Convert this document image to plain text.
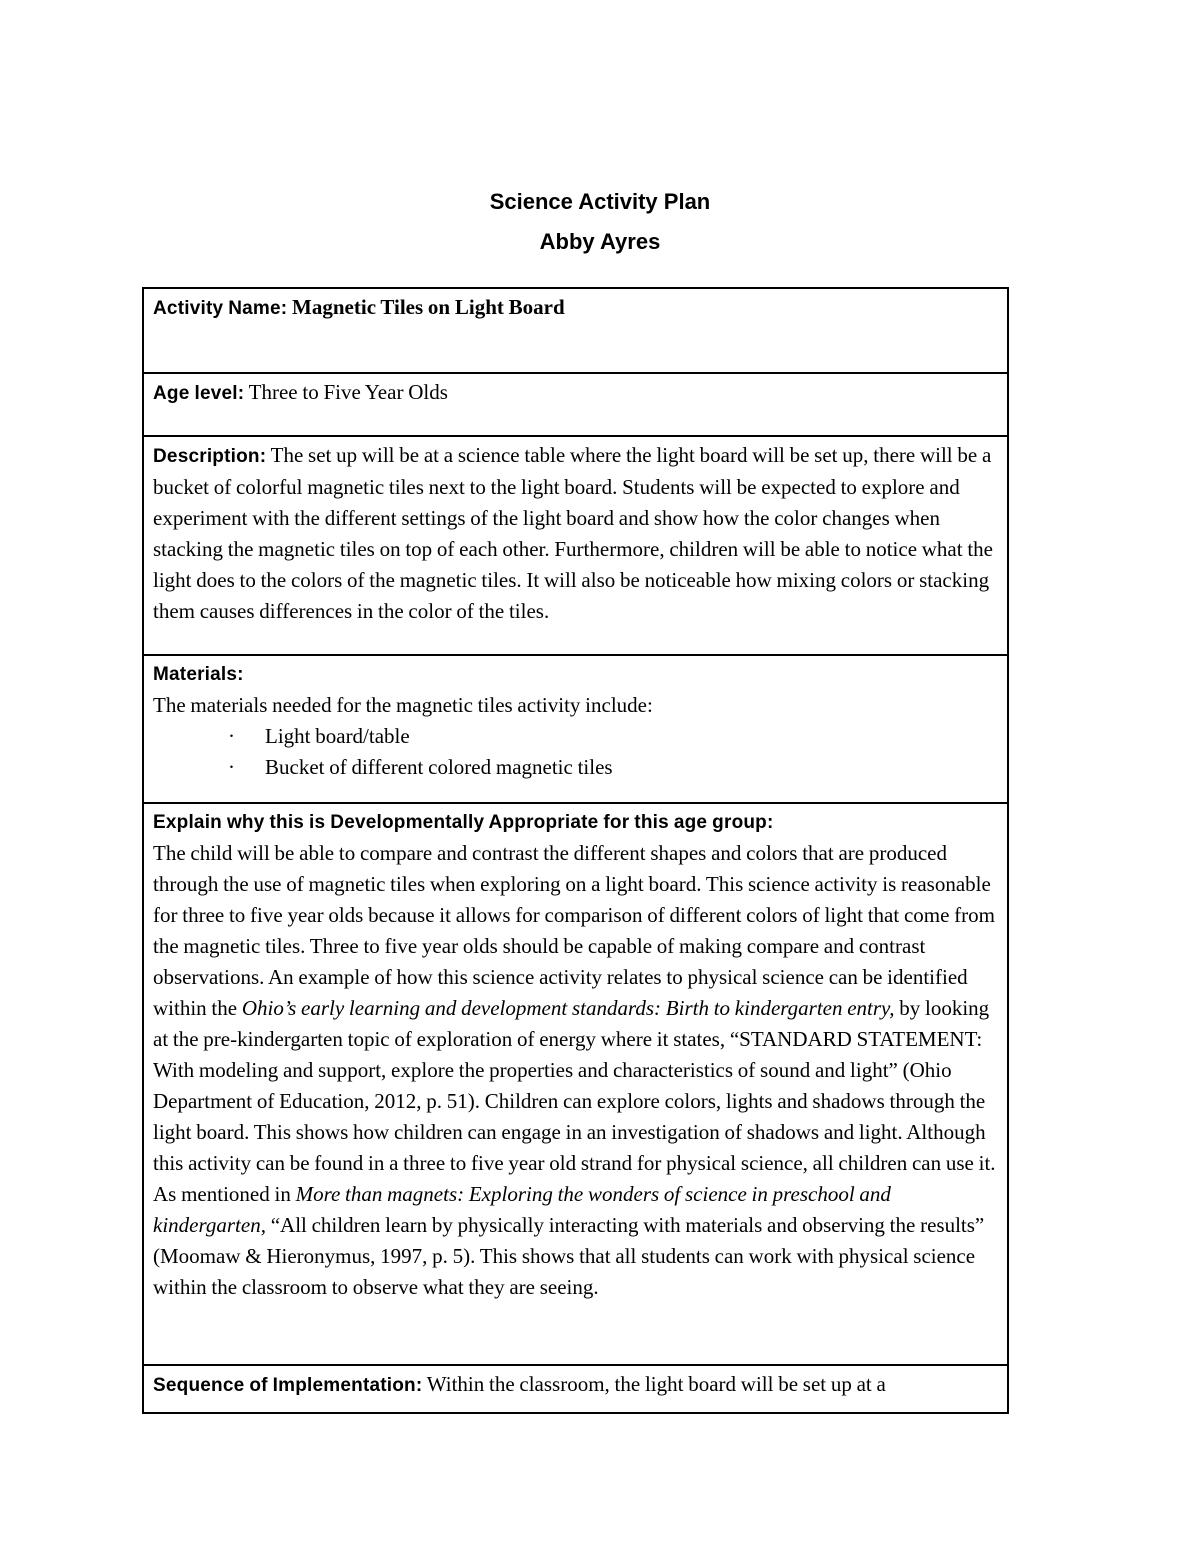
Science Activity Plan
Abby Ayres
Activity Name: Magnetic Tiles on Light Board
Age level: Three to Five Year Olds
Description: The set up will be at a science table where the light board will be set up, there will be a bucket of colorful magnetic tiles next to the light board. Students will be expected to explore and experiment with the different settings of the light board and show how the color changes when stacking the magnetic tiles on top of each other. Furthermore, children will be able to notice what the light does to the colors of the magnetic tiles. It will also be noticeable how mixing colors or stacking them causes differences in the color of the tiles.

Materials:
The materials needed for the magnetic tiles activity include:
· Light board/table
· Bucket of different colored magnetic tiles

Explain why this is Developmentally Appropriate for this age group:
The child will be able to compare and contrast the different shapes and colors that are produced through the use of magnetic tiles when exploring on a light board. This science activity is reasonable for three to five year olds because it allows for comparison of different colors of light that come from the magnetic tiles. Three to five year olds should be capable of making compare and contrast observations. An example of how this science activity relates to physical science can be identified within the Ohio’s early learning and development standards: Birth to kindergarten entry, by looking at the pre-kindergarten topic of exploration of energy where it states, “STANDARD STATEMENT: With modeling and support, explore the properties and characteristics of sound and light” (Ohio Department of Education, 2012, p. 51). Children can explore colors, lights and shadows through the light board. This shows how children can engage in an investigation of shadows and light. Although this activity can be found in a three to five year old strand for physical science, all children can use it. As mentioned in More than magnets: Exploring the wonders of science in preschool and kindergarten, “All children learn by physically interacting with materials and observing the results” (Moomaw & Hieronymus, 1997, p. 5). This shows that all students can work with physical science within the classroom to observe what they are seeing.

Sequence of Implementation: Within the classroom, the light board will be set up at a
